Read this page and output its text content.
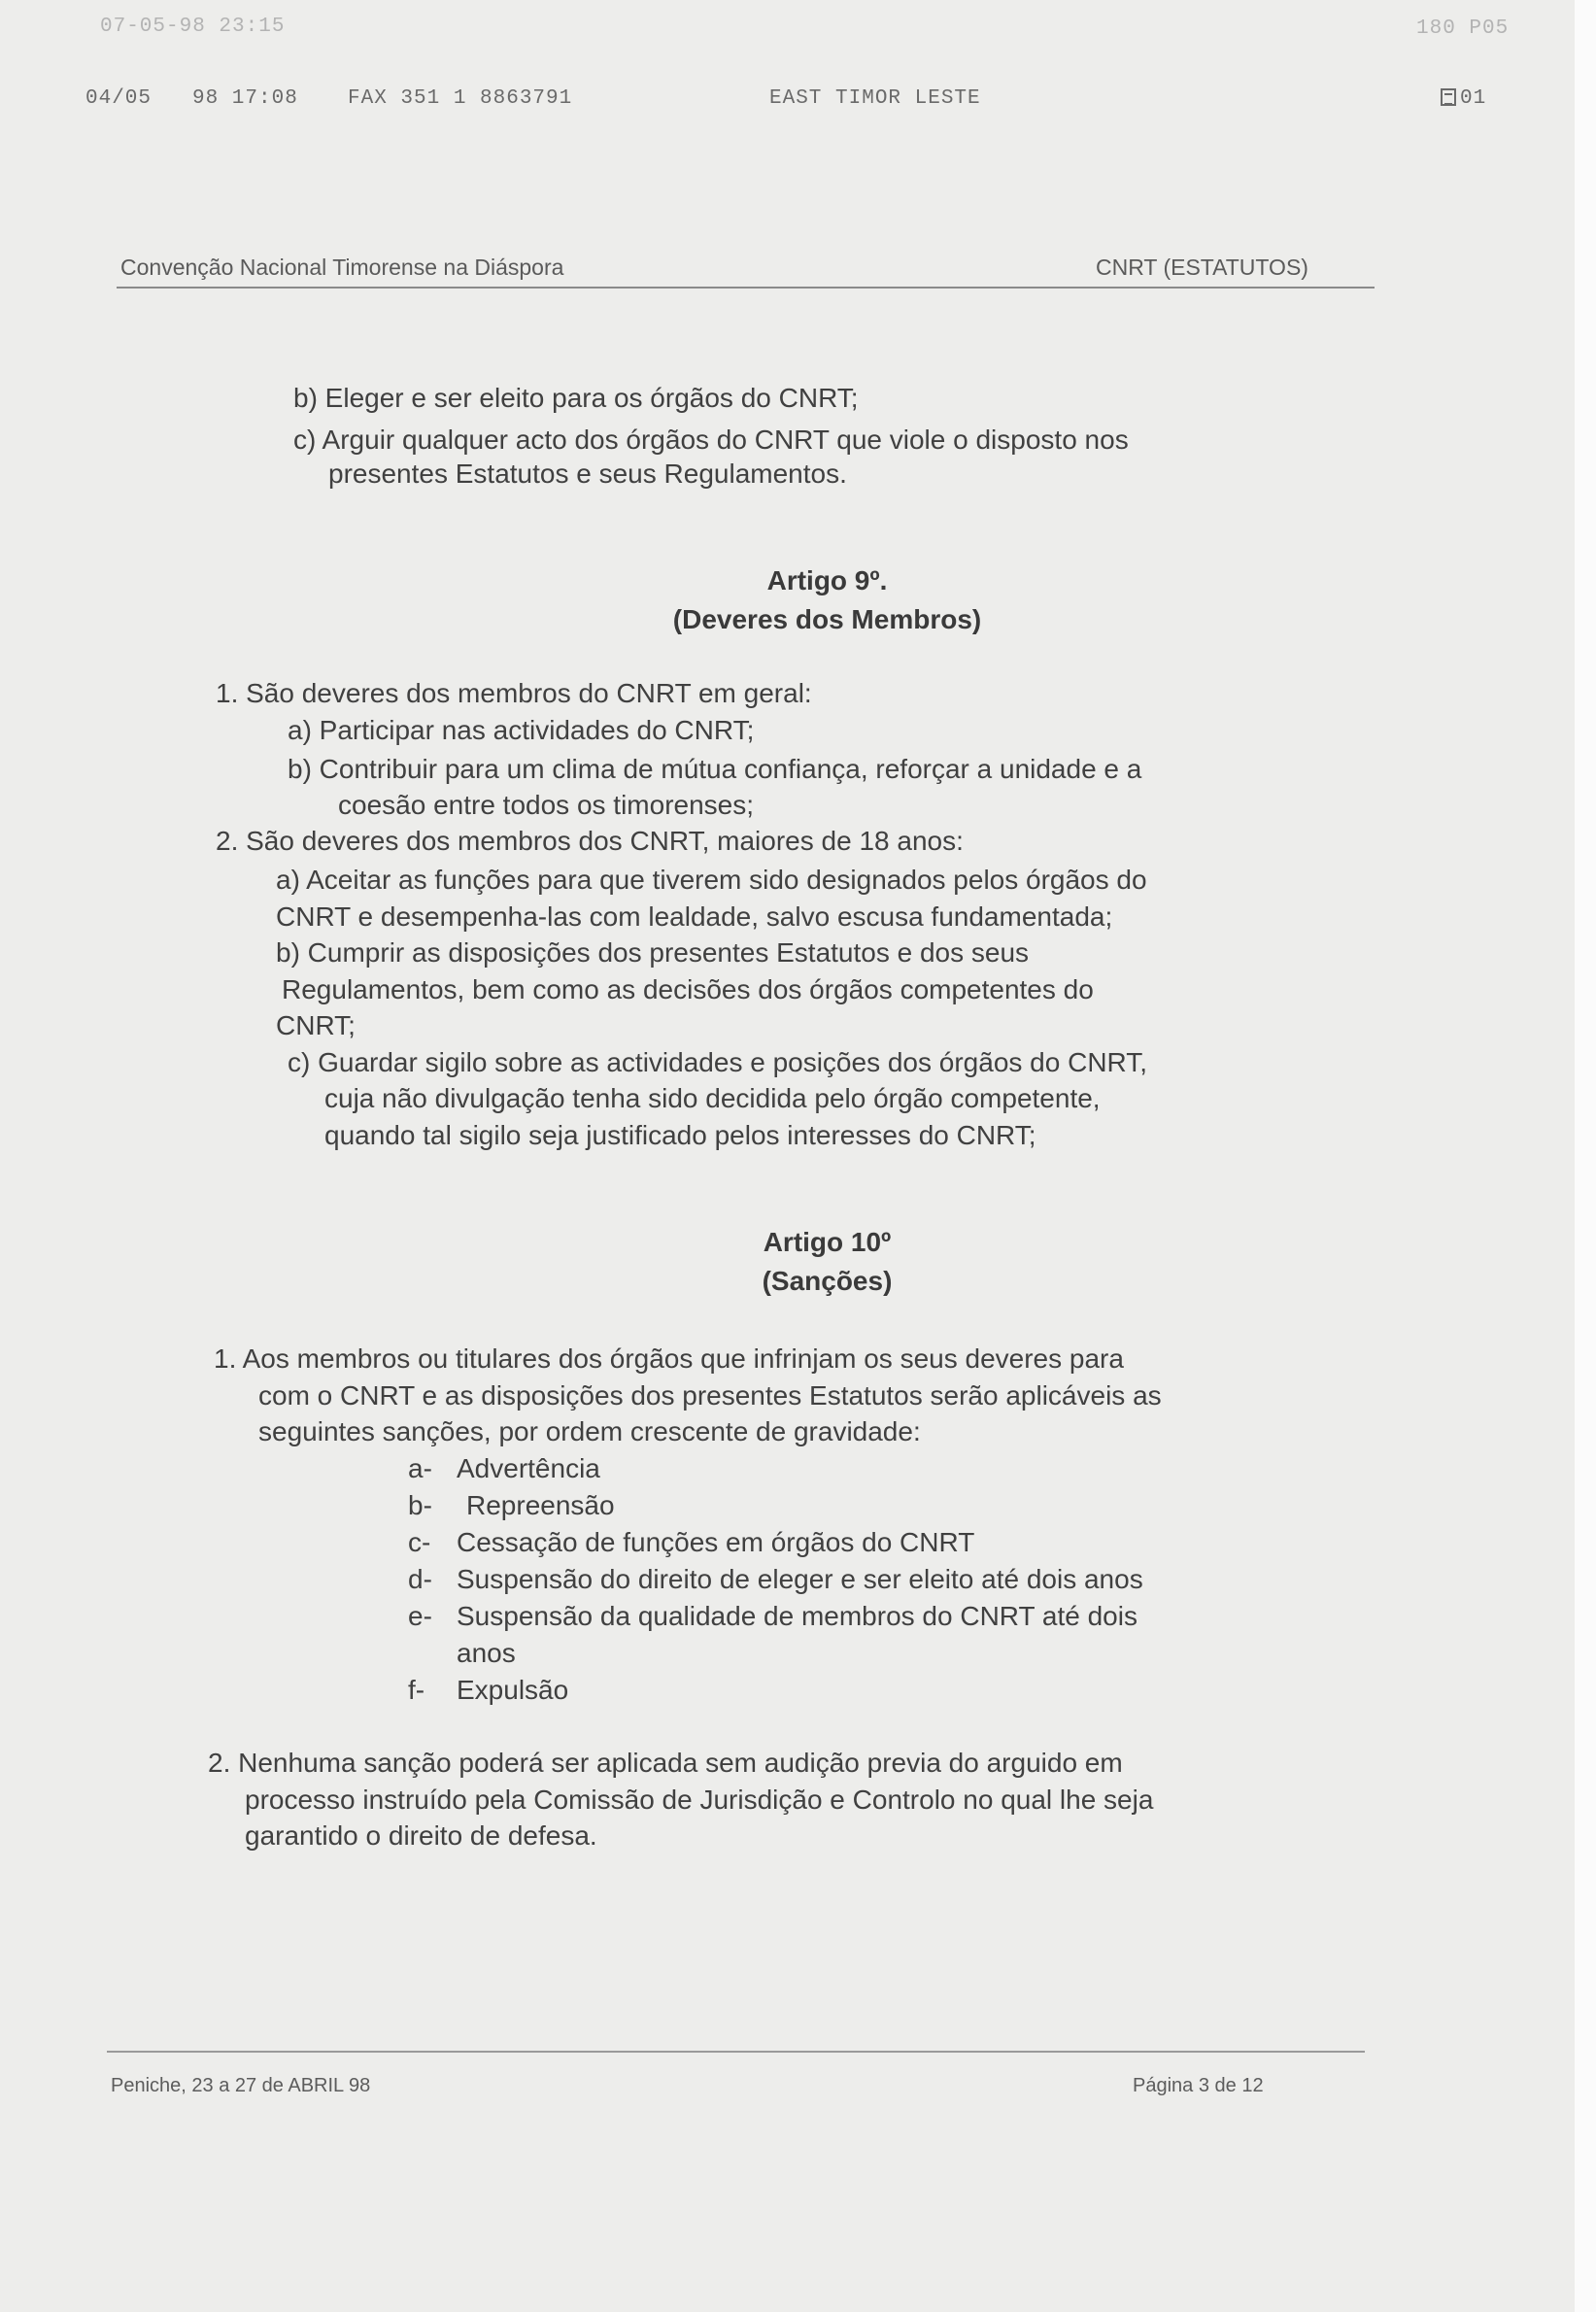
07-05-98 23:15	180 P05
04/05 98 17:08 FAX 351 1 8863791	EAST TIMOR LESTE	01
Convenção Nacional Timorense na Diáspora	CNRT (ESTATUTOS)
b) Eleger e ser eleito para os órgãos do CNRT;
c) Arguir qualquer acto dos órgãos do CNRT que viole o disposto nos
presentes Estatutos e seus Regulamentos.
Artigo 9º.
(Deveres dos Membros)
1. São deveres dos membros do CNRT em geral:
a) Participar nas actividades do CNRT;
b) Contribuir para um clima de mútua confiança, reforçar a unidade e a
coesão entre todos os timorenses;
2. São deveres dos membros dos CNRT, maiores de 18 anos:
a) Aceitar as funções para que tiverem sido designados pelos órgãos do
CNRT e desempenha-las com lealdade, salvo escusa fundamentada;
b) Cumprir as disposições dos presentes Estatutos e dos seus
Regulamentos, bem como as decisões dos órgãos competentes do
CNRT;
c) Guardar sigilo sobre as actividades e posições dos órgãos do CNRT,
cuja não divulgação tenha sido decidida pelo órgão competente,
quando tal sigilo seja justificado pelos interesses do CNRT;
Artigo 10º
(Sanções)
1. Aos membros ou titulares dos órgãos que infrinjam os seus deveres para
com o CNRT e as disposições dos presentes Estatutos serão aplicáveis as
seguintes sanções, por ordem crescente de gravidade:
a- Advertência
b- Repreensão
c- Cessação de funções em órgãos do CNRT
d- Suspensão do direito de eleger e ser eleito até dois anos
e- Suspensão da qualidade de membros do CNRT até dois
anos
f- Expulsão
2. Nenhuma sanção poderá ser aplicada sem audição previa do arguido em
processo instruído pela Comissão de Jurisdição e Controlo no qual lhe seja
garantido o direito de defesa.
Peniche, 23 a 27 de ABRIL 98	Página 3 de 12
